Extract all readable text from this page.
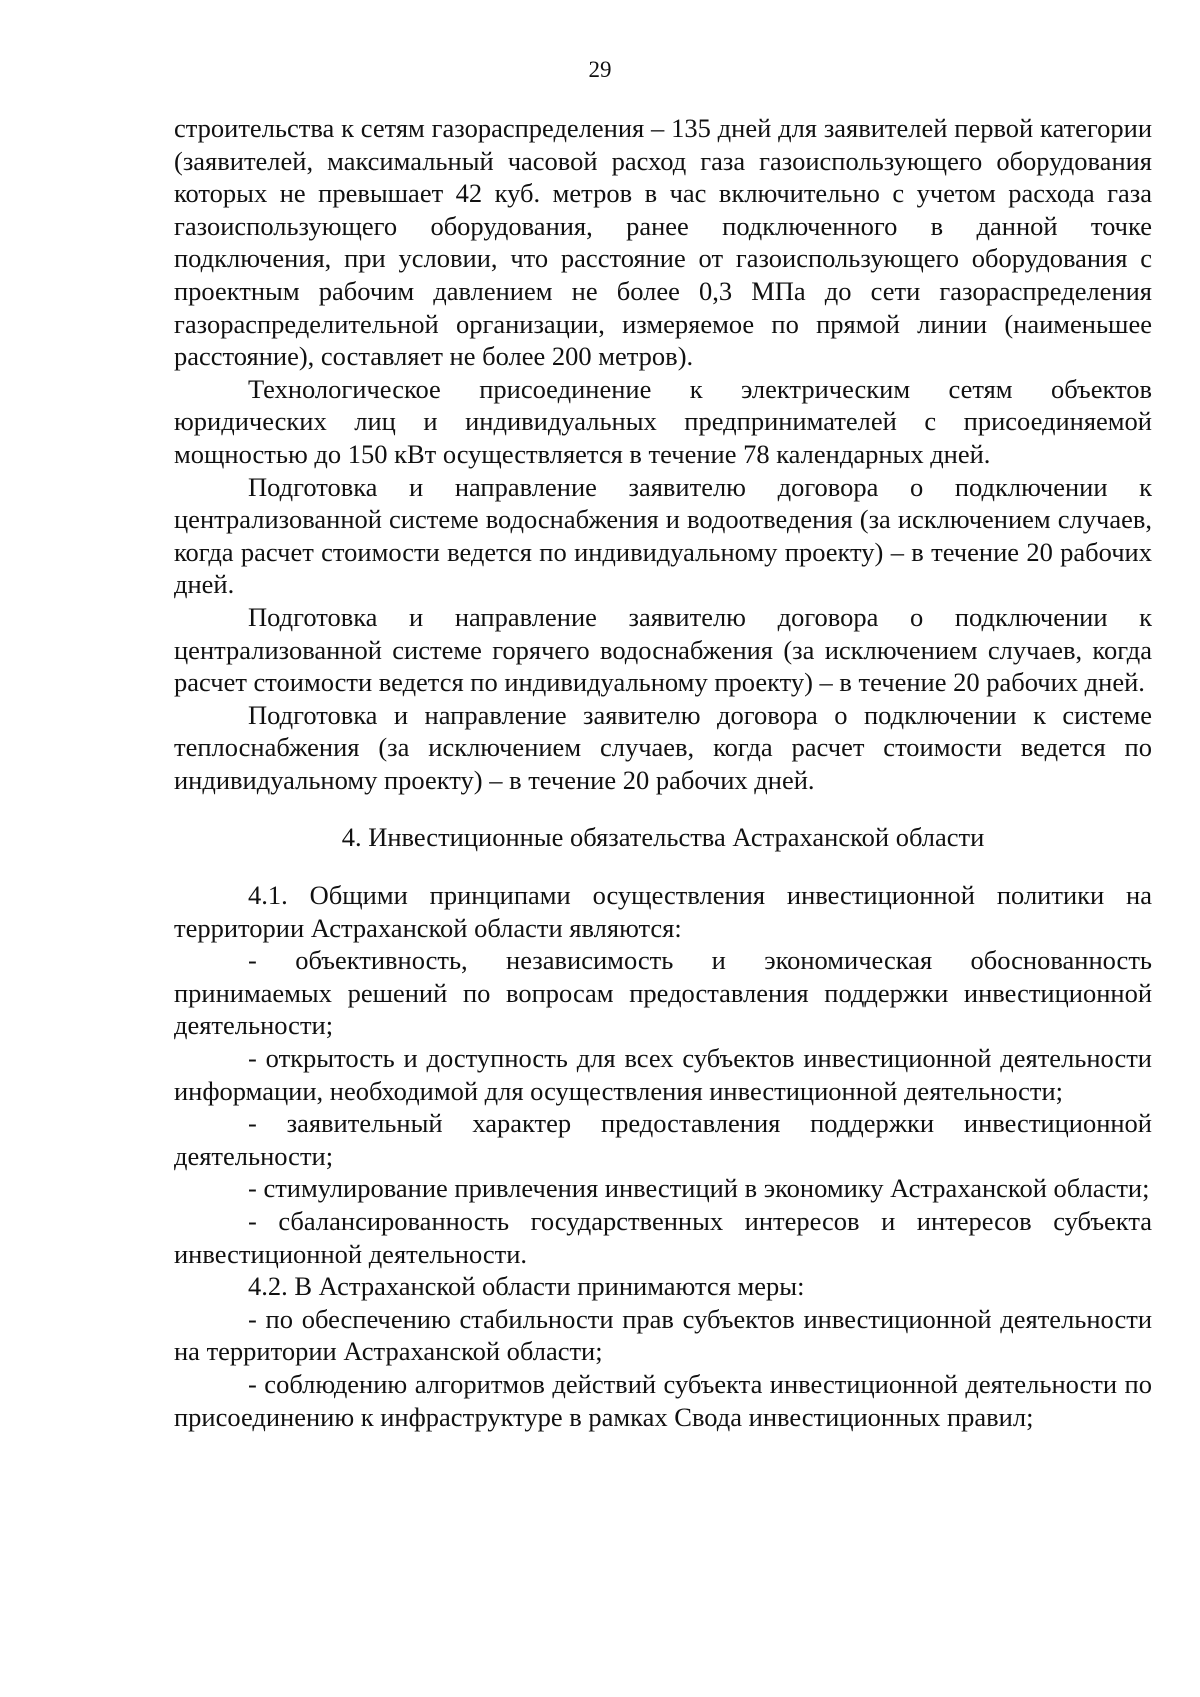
29

строительства к сетям газораспределения – 135 дней для заявителей первой категории (заявителей, максимальный часовой расход газа газоиспользующего оборудования которых не превышает 42 куб. метров в час включительно с учетом расхода газа газоиспользующего оборудования, ранее подключенного в данной точке подключения, при условии, что расстояние от газоиспользующего оборудования с проектным рабочим давлением не более 0,3 МПа до сети газораспределения газораспределительной организации, измеряемое по прямой линии (наименьшее расстояние), составляет не более 200 метров).

Технологическое присоединение к электрическим сетям объектов юридических лиц и индивидуальных предпринимателей с присоединяемой мощностью до 150 кВт осуществляется в течение 78 календарных дней.

Подготовка и направление заявителю договора о подключении к централизованной системе водоснабжения и водоотведения (за исключением случаев, когда расчет стоимости ведется по индивидуальному проекту) – в течение 20 рабочих дней.

Подготовка и направление заявителю договора о подключении к централизованной системе горячего водоснабжения (за исключением случаев, когда расчет стоимости ведется по индивидуальному проекту) – в течение 20 рабочих дней.

Подготовка и направление заявителю договора о подключении к системе теплоснабжения (за исключением случаев, когда расчет стоимости ведется по индивидуальному проекту) – в течение 20 рабочих дней.

4. Инвестиционные обязательства Астраханской области

4.1. Общими принципами осуществления инвестиционной политики на территории Астраханской области являются:

- объективность, независимость и экономическая обоснованность принимаемых решений по вопросам предоставления поддержки инвестиционной деятельности;

- открытость и доступность для всех субъектов инвестиционной деятельности информации, необходимой для осуществления инвестиционной деятельности;

- заявительный характер предоставления поддержки инвестиционной деятельности;

- стимулирование привлечения инвестиций в экономику Астраханской области;

- сбалансированность государственных интересов и интересов субъекта инвестиционной деятельности.

4.2. В Астраханской области принимаются меры:

- по обеспечению стабильности прав субъектов инвестиционной деятельности на территории Астраханской области;

- соблюдению алгоритмов действий субъекта инвестиционной деятельности по присоединению к инфраструктуре в рамках Свода инвестиционных правил;
